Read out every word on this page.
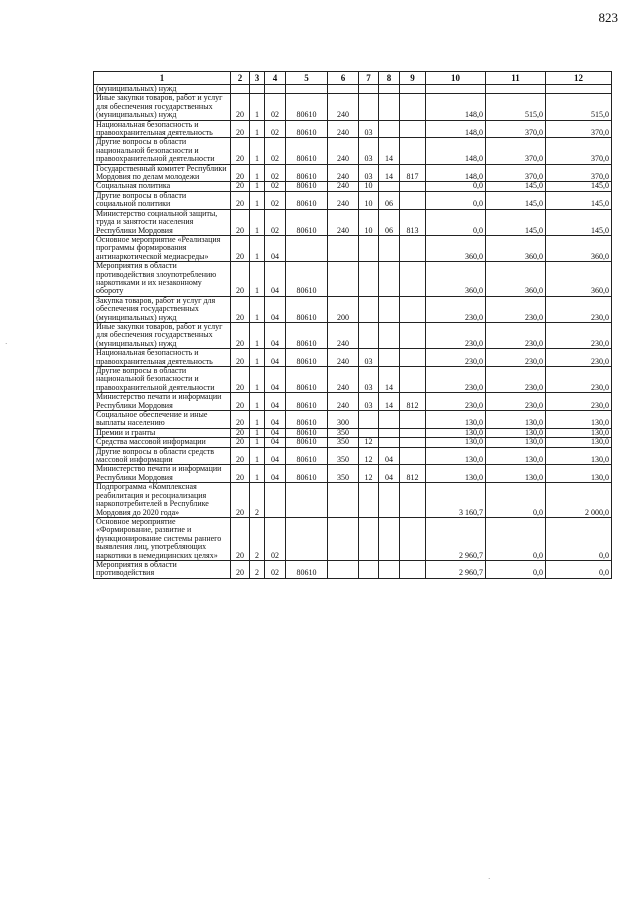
823
1	2	3	4	5	6	7	8	9	10	11	12
(муниципальных) нужд											
Иные закупки товаров, работ и услуг для обеспечения государственных (муниципальных) нужд	20	1	02	80610	240				148,0	515,0	515,0
Национальная безопасность и правоохранительная деятельность	20	1	02	80610	240	03			148,0	370,0	370,0
Другие вопросы в области национальной безопасности и правоохранительной деятельности	20	1	02	80610	240	03	14		148,0	370,0	370,0
Государственный комитет Республики Мордовия по делам молодежи	20	1	02	80610	240	03	14	817	148,0	370,0	370,0
Социальная политика	20	1	02	80610	240	10			0,0	145,0	145,0
Другие вопросы в области социальной политики	20	1	02	80610	240	10	06		0,0	145,0	145,0
Министерство социальной защиты, труда и занятости населения Республики Мордовия	20	1	02	80610	240	10	06	813	0,0	145,0	145,0
Основное мероприятие «Реализация программы формирования антинаркотической медиасреды»	20	1	04						360,0	360,0	360,0
Мероприятия в области противодействия злоупотреблению наркотиками и их незаконному обороту	20	1	04	80610					360,0	360,0	360,0
Закупка товаров, работ и услуг для обеспечения государственных (муниципальных) нужд	20	1	04	80610	200				230,0	230,0	230,0
Иные закупки товаров, работ и услуг для обеспечения государственных (муниципальных) нужд	20	1	04	80610	240				230,0	230,0	230,0
Национальная безопасность и правоохранительная деятельность	20	1	04	80610	240	03			230,0	230,0	230,0
Другие вопросы в области национальной безопасности и правоохранительной деятельности	20	1	04	80610	240	03	14		230,0	230,0	230,0
Министерство печати и информации Республики Мордовия	20	1	04	80610	240	03	14	812	230,0	230,0	230,0
Социальное обеспечение и иные выплаты населению	20	1	04	80610	300				130,0	130,0	130,0
Премии и гранты	20	1	04	80610	350				130,0	130,0	130,0
Средства массовой информации	20	1	04	80610	350	12			130,0	130,0	130,0
Другие вопросы в области средств массовой информации	20	1	04	80610	350	12	04		130,0	130,0	130,0
Министерство печати и информации Республики Мордовия	20	1	04	80610	350	12	04	812	130,0	130,0	130,0
Подпрограмма «Комплексная реабилитация и ресоциализация наркопотребителей в Республике Мордовия до 2020 года»	20	2							3 160,7	0,0	2 000,0
Основное мероприятие «Формирование, развитие и функционирование системы раннего выявления лиц, употребляющих наркотики в немедицинских целях»	20	2	02						2 960,7	0,0	0,0
Мероприятия в области противодействия	20	2	02	80610					2 960,7	0,0	0,0
·
·
